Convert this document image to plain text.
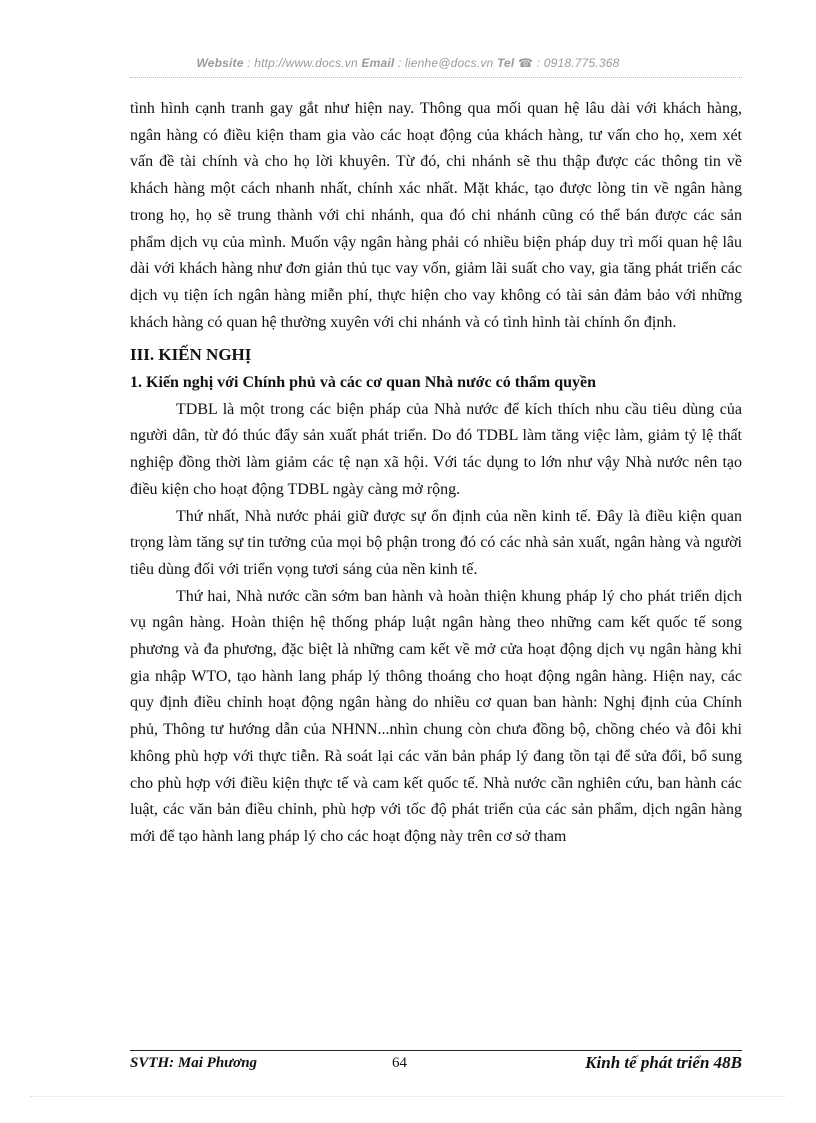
Website : http://www.docs.vn Email : lienhe@docs.vn Tel ☎ : 0918.775.368

tình hình cạnh tranh gay gắt như hiện nay. Thông qua mối quan hệ lâu dài với khách hàng, ngân hàng có điều kiện tham gia vào các hoạt động của khách hàng, tư vấn cho họ, xem xét vấn đề tài chính và cho họ lời khuyên. Từ đó, chi nhánh sẽ thu thập được các thông tin về khách hàng một cách nhanh nhất, chính xác nhất. Mặt khác, tạo được lòng tin về ngân hàng trong họ, họ sẽ trung thành với chi nhánh, qua đó chi nhánh cũng có thể bán được các sản phẩm dịch vụ của mình. Muốn vậy ngân hàng phải có nhiều biện pháp duy trì mối quan hệ lâu dài với khách hàng như đơn giản thủ tục vay vốn, giảm lãi suất cho vay, gia tăng phát triển các dịch vụ tiện ích ngân hàng miễn phí, thực hiện cho vay không có tài sản đảm bảo với những khách hàng có quan hệ thường xuyên với chi nhánh và có tình hình tài chính ổn định.

III. KIẾN NGHỊ

1. Kiến nghị với Chính phủ và các cơ quan Nhà nước có thẩm quyền

TDBL là một trong các biện pháp của Nhà nước để kích thích nhu cầu tiêu dùng của người dân, từ đó thúc đẩy sản xuất phát triển. Do đó TDBL làm tăng việc làm, giảm tỷ lệ thất nghiệp đồng thời làm giảm các tệ nạn xã hội. Với tác dụng to lớn như vậy Nhà nước nên tạo điều kiện cho hoạt động TDBL ngày càng mở rộng.

Thứ nhất, Nhà nước phải giữ được sự ổn định của nền kinh tế. Đây là điều kiện quan trọng làm tăng sự tin tưởng của mọi bộ phận trong đó có các nhà sản xuất, ngân hàng và người tiêu dùng đối với triển vọng tươi sáng của nền kinh tế.

Thứ hai, Nhà nước cần sớm ban hành và hoàn thiện khung pháp lý cho phát triển dịch vụ ngân hàng. Hoàn thiện hệ thống pháp luật ngân hàng theo những cam kết quốc tế song phương và đa phương, đặc biệt là những cam kết về mở cửa hoạt động dịch vụ ngân hàng khi gia nhập WTO, tạo hành lang pháp lý thông thoáng cho hoạt động ngân hàng. Hiện nay, các quy định điều chỉnh hoạt động ngân hàng do nhiều cơ quan ban hành: Nghị định của Chính phủ, Thông tư hướng dẫn của NHNN...nhìn chung còn chưa đồng bộ, chồng chéo và đôi khi không phù hợp với thực tiễn. Rà soát lại các văn bản pháp lý đang tồn tại để sửa đổi, bổ sung cho phù hợp với điều kiện thực tế và cam kết quốc tế. Nhà nước cần nghiên cứu, ban hành các luật, các văn bản điều chỉnh, phù hợp với tốc độ phát triển của các sản phẩm, dịch ngân hàng mới để tạo hành lang pháp lý cho các hoạt động này trên cơ sở tham

SVTH: Mai Phương	64	Kinh tế phát triển 48B
